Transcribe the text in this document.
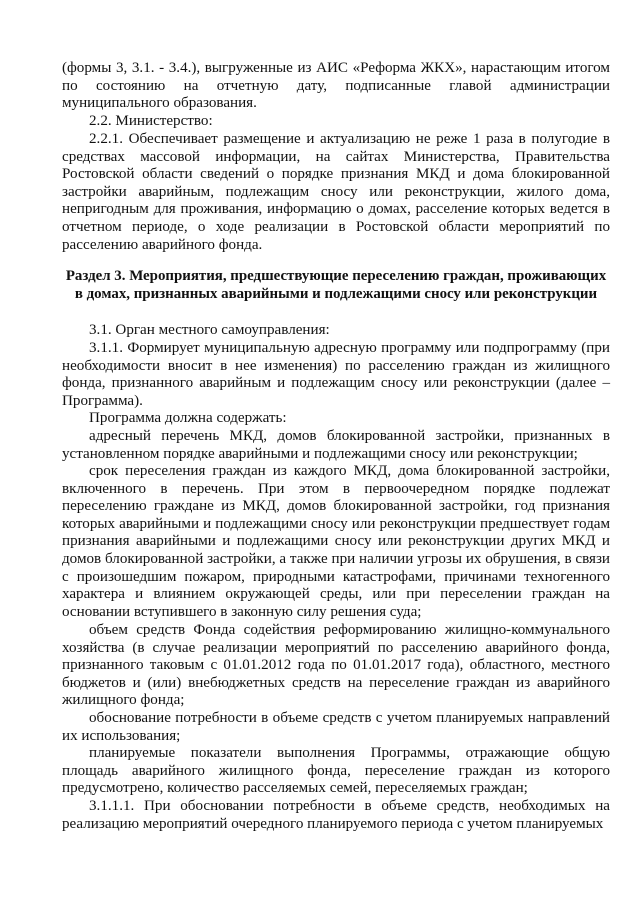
(формы 3, 3.1. - 3.4.), выгруженные из АИС «Реформа ЖКХ», нарастающим итогом по состоянию на отчетную дату, подписанные главой администрации муниципального образования.

2.2. Министерство:

2.2.1. Обеспечивает размещение и актуализацию не реже 1 раза в полугодие в средствах массовой информации, на сайтах Министерства, Правительства Ростовской области сведений о порядке признания МКД и дома блокированной застройки аварийным, подлежащим сносу или реконструкции, жилого дома, непригодным для проживания, информацию о домах, расселение которых ведется в отчетном периоде, о ходе реализации в Ростовской области мероприятий по расселению аварийного фонда.

Раздел 3. Мероприятия, предшествующие переселению граждан, проживающих в домах, признанных аварийными и подлежащими сносу или реконструкции

3.1. Орган местного самоуправления:

3.1.1. Формирует муниципальную адресную программу или подпрограмму (при необходимости вносит в нее изменения) по расселению граждан из жилищного фонда, признанного аварийным и подлежащим сносу или реконструкции (далее – Программа).

Программа должна содержать:

адресный перечень МКД, домов блокированной застройки, признанных в установленном порядке аварийными и подлежащими сносу или реконструкции;

срок переселения граждан из каждого МКД, дома блокированной застройки, включенного в перечень. При этом в первоочередном порядке подлежат переселению граждане из МКД, домов блокированной застройки, год признания которых аварийными и подлежащими сносу или реконструкции предшествует годам признания аварийными и подлежащими сносу или реконструкции других МКД и домов блокированной застройки, а также при наличии угрозы их обрушения, в связи с произошедшим пожаром, природными катастрофами, причинами техногенного характера и влиянием окружающей среды, или при переселении граждан на основании вступившего в законную силу решения суда;

объем средств Фонда содействия реформированию жилищно-коммунального хозяйства (в случае реализации мероприятий по расселению аварийного фонда, признанного таковым с 01.01.2012 года по 01.01.2017 года), областного, местного бюджетов и (или) внебюджетных средств на переселение граждан из аварийного жилищного фонда;

обоснование потребности в объеме средств с учетом планируемых направлений их использования;

планируемые показатели выполнения Программы, отражающие общую площадь аварийного жилищного фонда, переселение граждан из которого предусмотрено, количество расселяемых семей, переселяемых граждан;

3.1.1.1. При обосновании потребности в объеме средств, необходимых на реализацию мероприятий очередного планируемого периода с учетом планируемых
